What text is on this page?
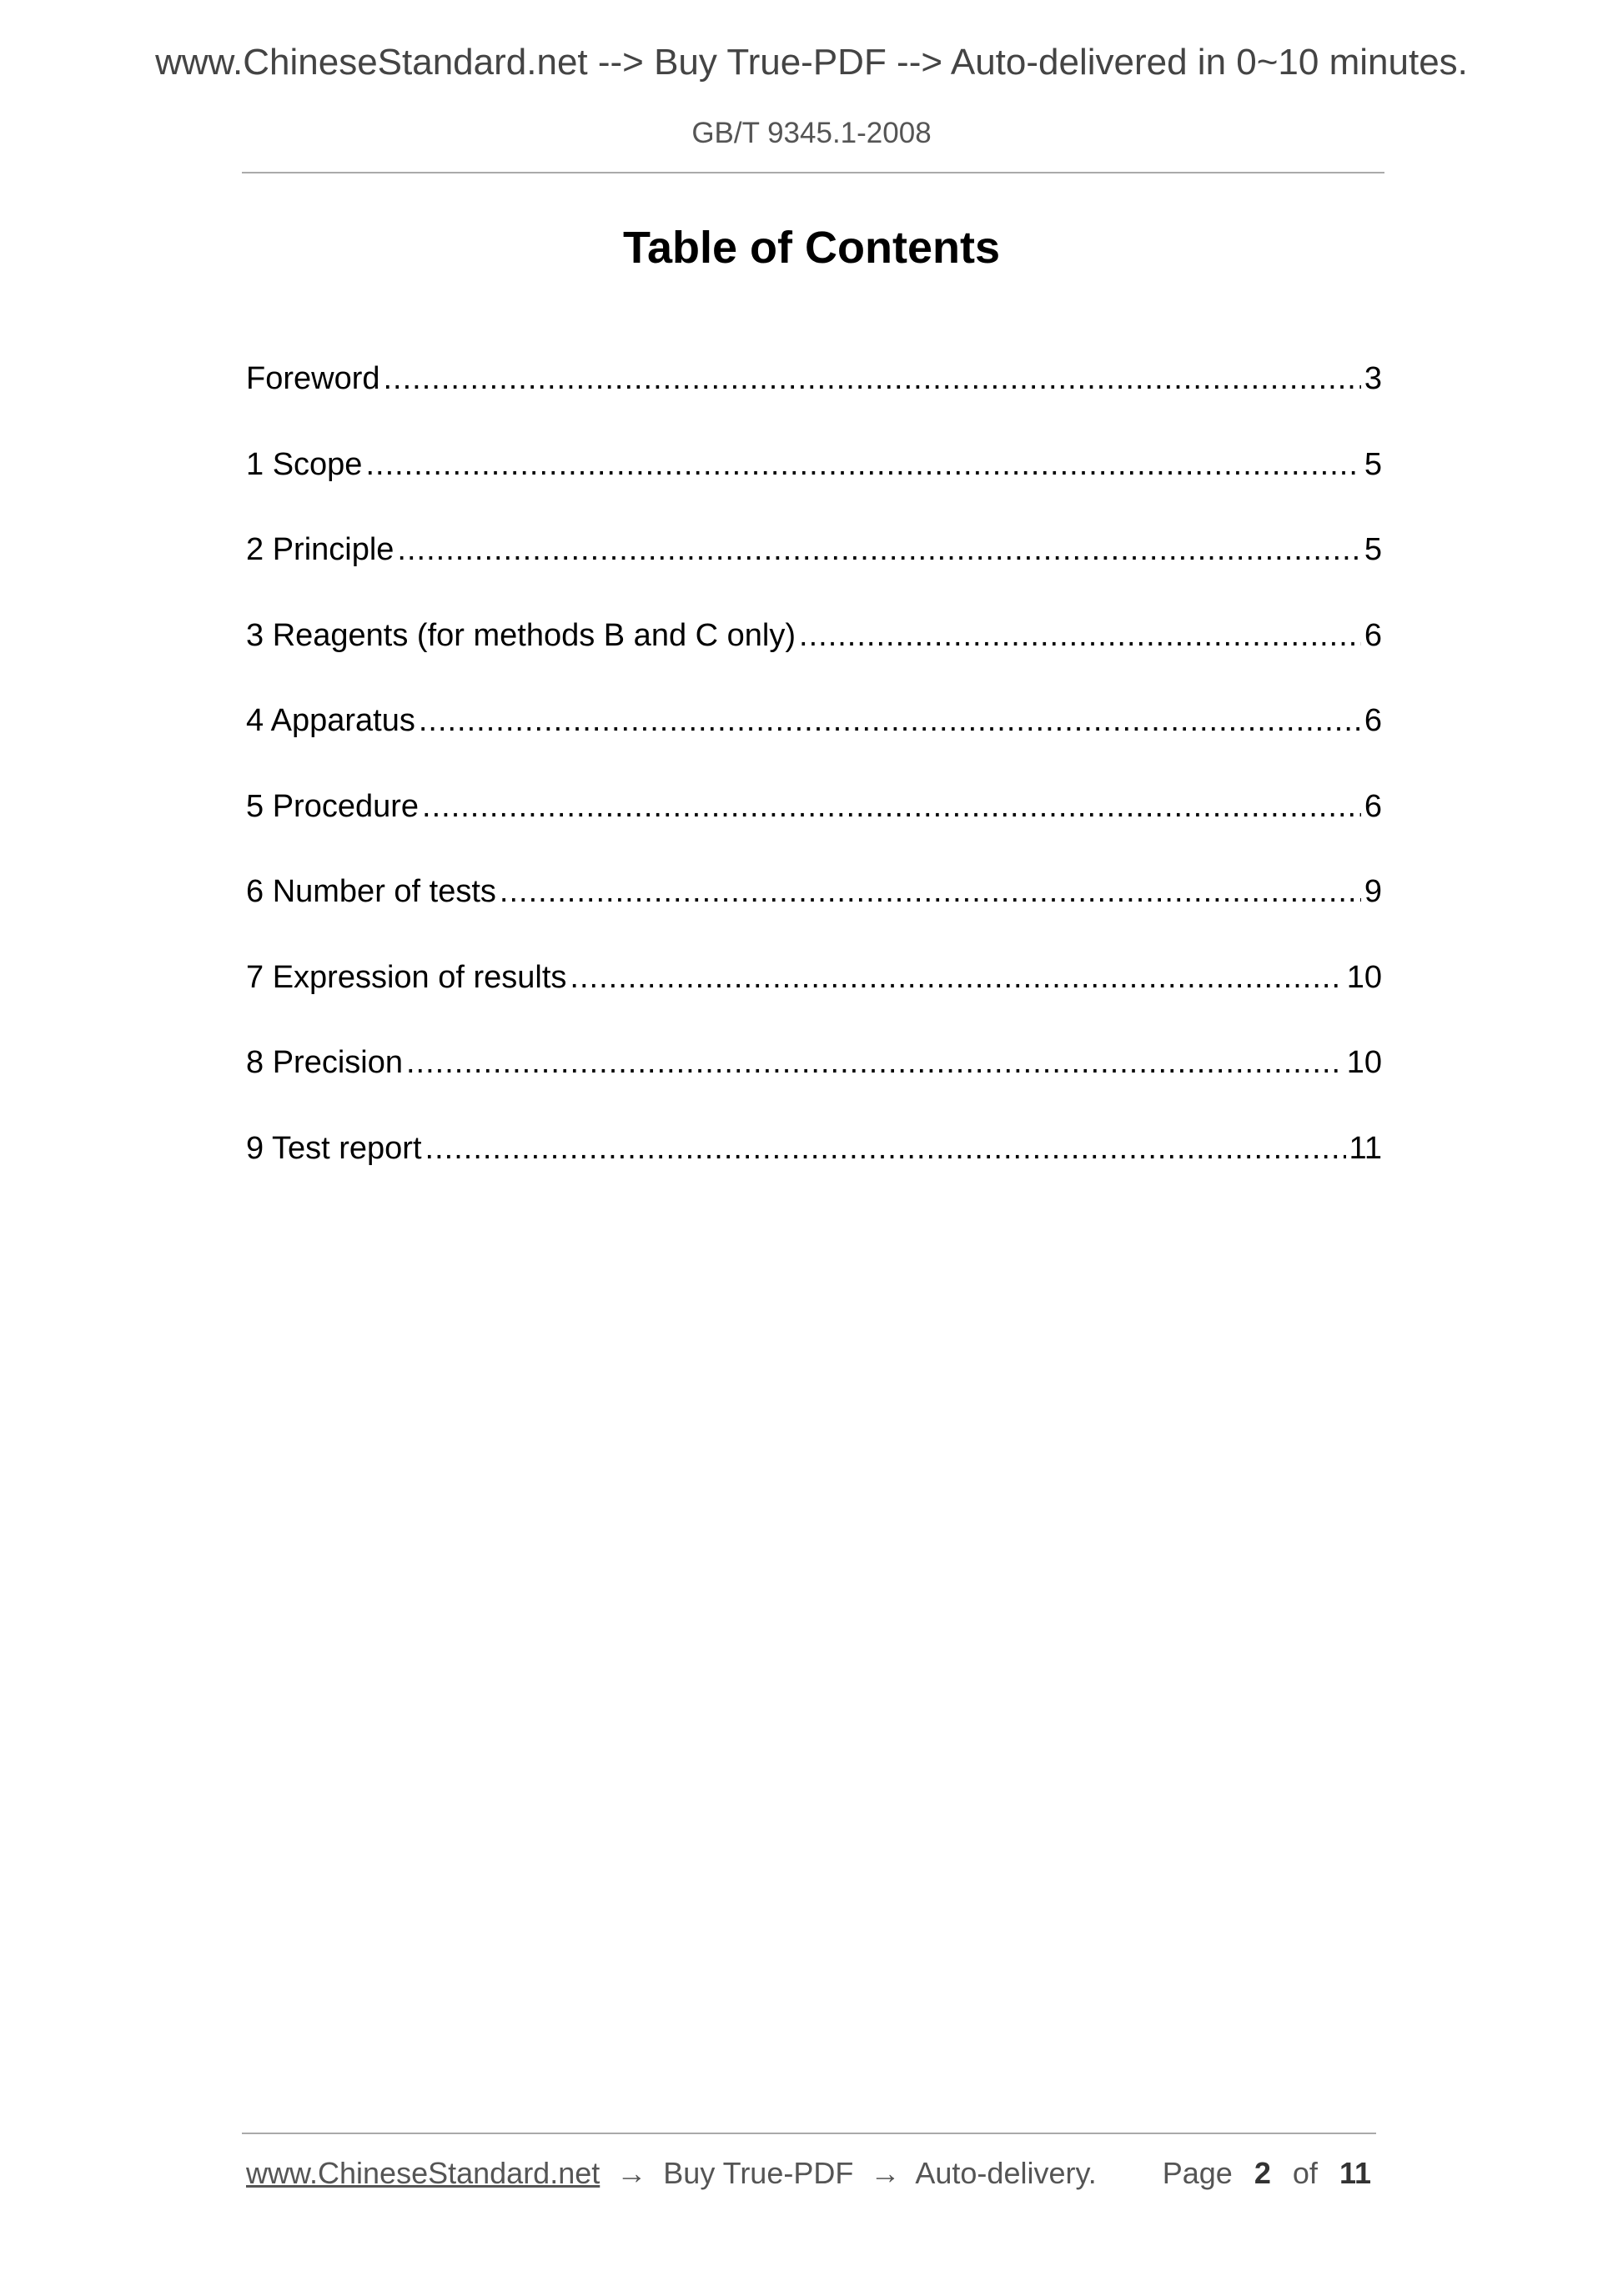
www.ChineseStandard.net --> Buy True-PDF --> Auto-delivered in 0~10 minutes.
GB/T 9345.1-2008
Table of Contents
Foreword .....	3
1 Scope .....	5
2 Principle .....	5
3 Reagents (for methods B and C only) .....	6
4 Apparatus .....	6
5 Procedure .....	6
6 Number of tests .....	9
7 Expression of results .....	10
8 Precision .....	10
9 Test report .....	11
www.ChineseStandard.net → Buy True-PDF → Auto-delivery. Page 2 of 11
